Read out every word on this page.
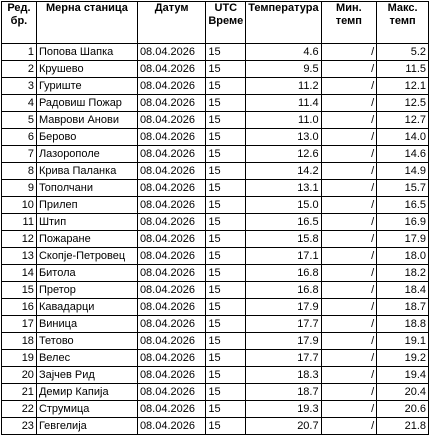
Ред. бр.	Мерна станица	Датум	UTC Време	Температура	Мин. темп	Макс. темп
1	Попова Шапка	08.04.2026	15	4.6	/	5.2
2	Крушево	08.04.2026	15	9.5	/	11.5
3	Гуриште	08.04.2026	15	11.2	/	12.1
4	Радовиш Пожар	08.04.2026	15	11.4	/	12.5
5	Маврови Анови	08.04.2026	15	11.0	/	12.7
6	Берово	08.04.2026	15	13.0	/	14.0
7	Лазорополе	08.04.2026	15	12.6	/	14.6
8	Крива Паланка	08.04.2026	15	14.2	/	14.9
9	Тополчани	08.04.2026	15	13.1	/	15.7
10	Прилеп	08.04.2026	15	15.0	/	16.5
11	Штип	08.04.2026	15	16.5	/	16.9
12	Пожаране	08.04.2026	15	15.8	/	17.9
13	Скопје-Петровец	08.04.2026	15	17.1	/	18.0
14	Битола	08.04.2026	15	16.8	/	18.2
15	Претор	08.04.2026	15	16.8	/	18.4
16	Кавадарци	08.04.2026	15	17.9	/	18.7
17	Виница	08.04.2026	15	17.7	/	18.8
18	Тетово	08.04.2026	15	17.9	/	19.1
19	Велес	08.04.2026	15	17.7	/	19.2
20	Зајчев Рид	08.04.2026	15	18.3	/	19.4
21	Демир Капија	08.04.2026	15	18.7	/	20.4
22	Струмица	08.04.2026	15	19.3	/	20.6
23	Гевгелија	08.04.2026	15	20.7	/	21.8
